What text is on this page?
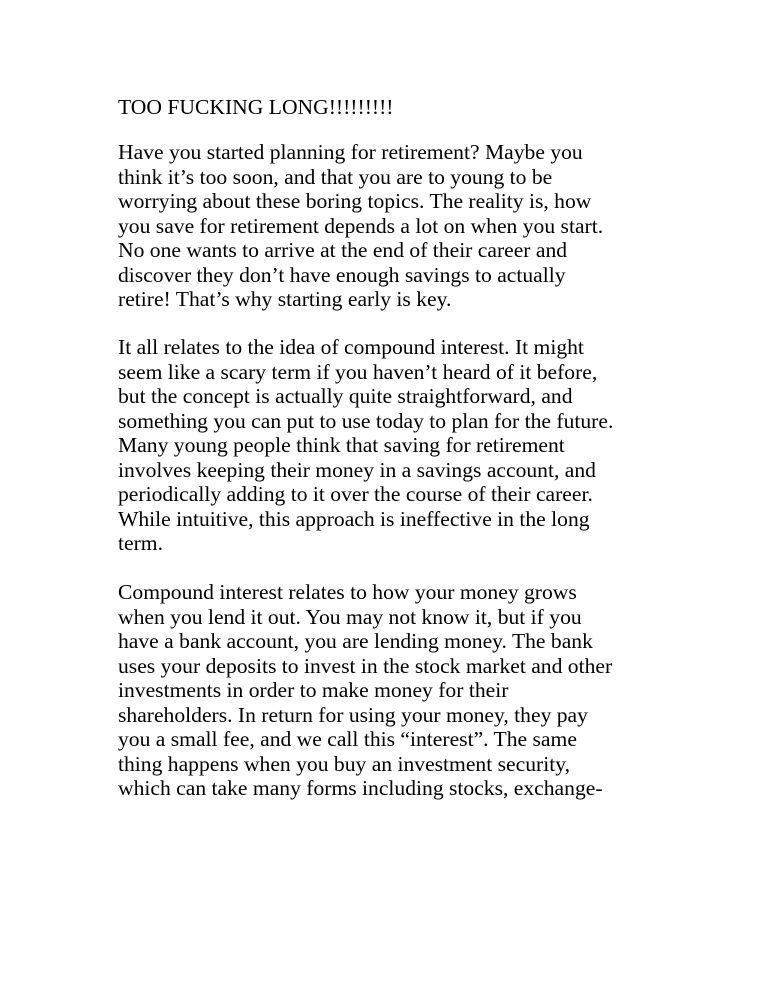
TOO FUCKING LONG!!!!!!!!!
Have you started planning for retirement? Maybe you
think it’s too soon, and that you are to young to be
worrying about these boring topics. The reality is, how
you save for retirement depends a lot on when you start.
No one wants to arrive at the end of their career and
discover they don’t have enough savings to actually
retire! That’s why starting early is key.
It all relates to the idea of compound interest. It might
seem like a scary term if you haven’t heard of it before,
but the concept is actually quite straightforward, and
something you can put to use today to plan for the future.
Many young people think that saving for retirement
involves keeping their money in a savings account, and
periodically adding to it over the course of their career.
While intuitive, this approach is ineffective in the long
term.
Compound interest relates to how your money grows
when you lend it out. You may not know it, but if you
have a bank account, you are lending money. The bank
uses your deposits to invest in the stock market and other
investments in order to make money for their
shareholders. In return for using your money, they pay
you a small fee, and we call this “interest”. The same
thing happens when you buy an investment security,
which can take many forms including stocks, exchange-
